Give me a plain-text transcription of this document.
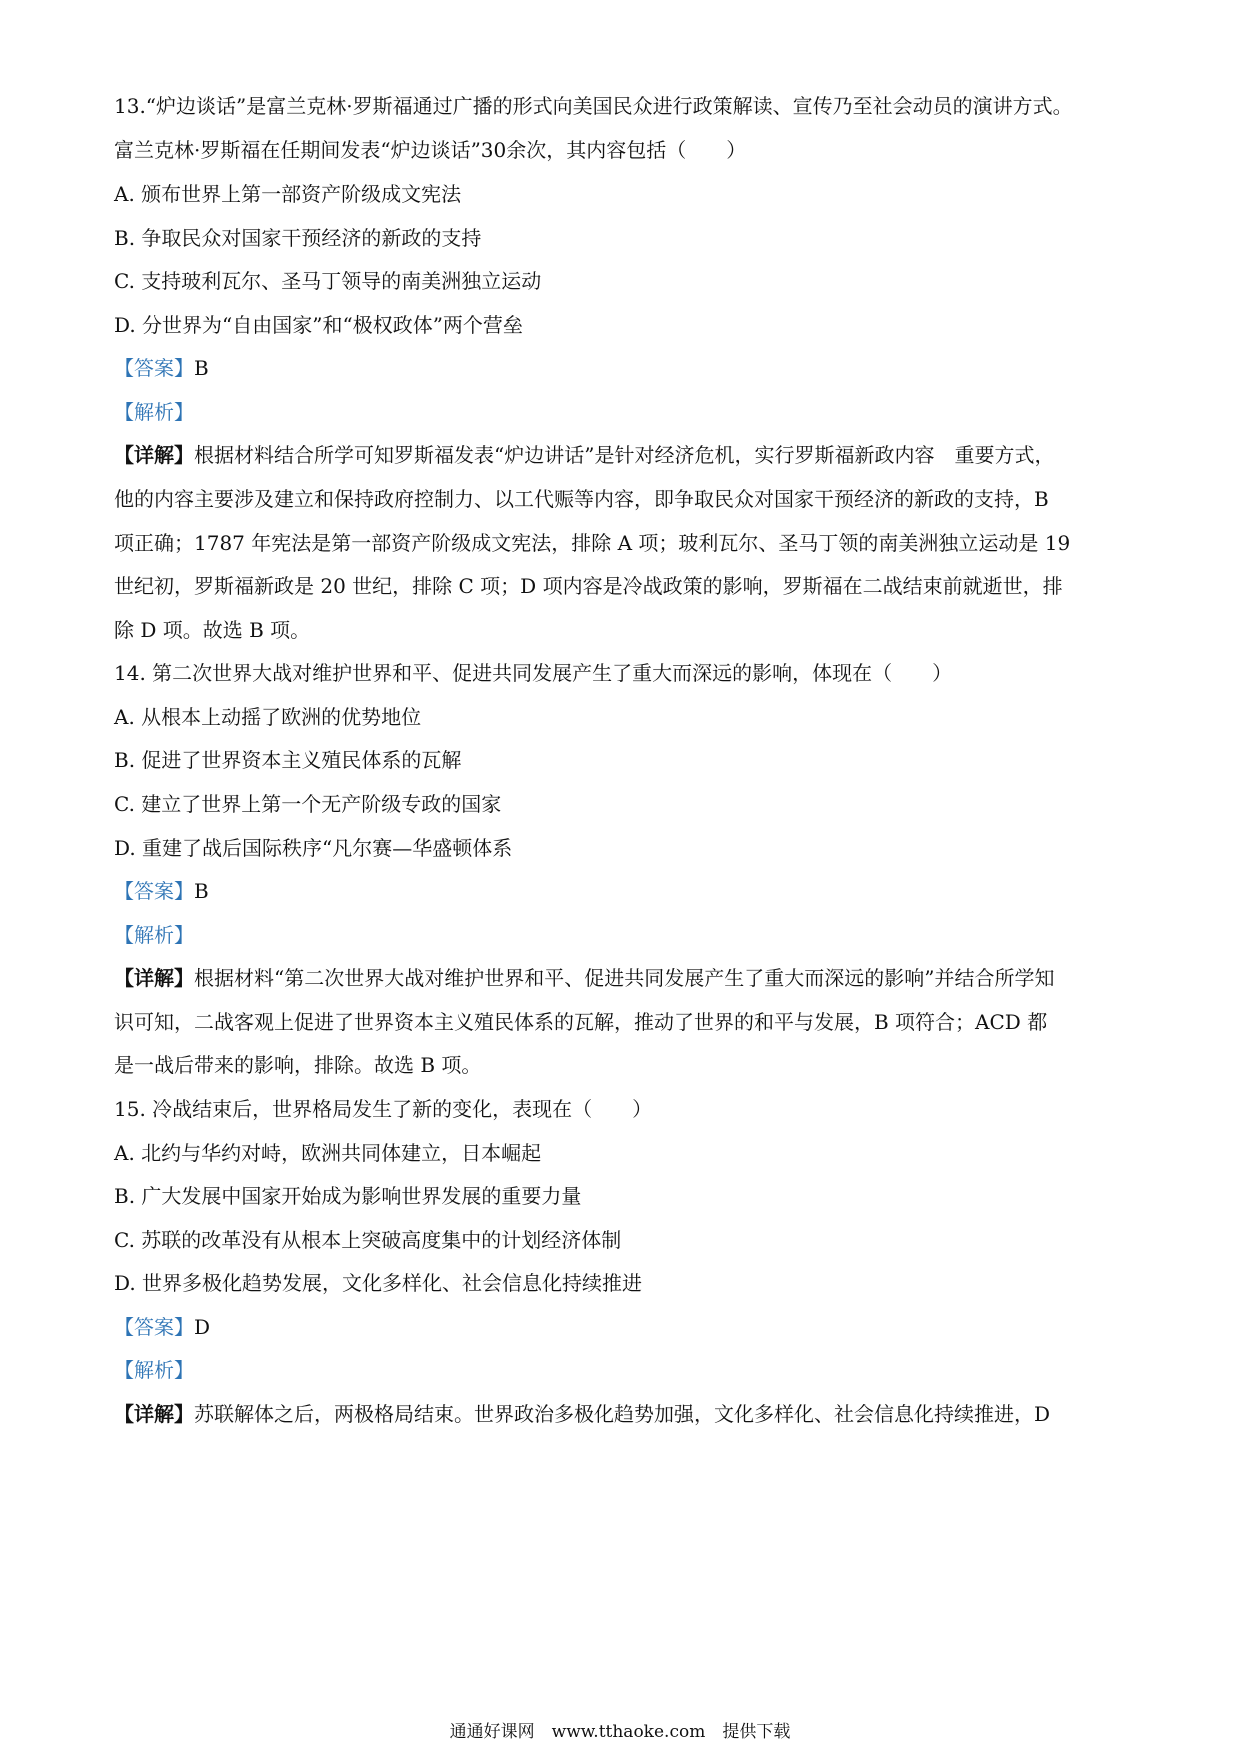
13.“炉边谈话”是富兰克林·罗斯福通过广播的形式向美国民众进行政策解读、宣传乃至社会动员的演讲方式。
富兰克林·罗斯福在任期间发表“炉边谈话”30余次，其内容包括（　　）
A. 颁布世界上第一部资产阶级成文宪法
B. 争取民众对国家干预经济的新政的支持
C. 支持玻利瓦尔、圣马丁领导的南美洲独立运动
D. 分世界为“自由国家”和“极权政体”两个营垒
【答案】B
【解析】
【详解】根据材料结合所学可知罗斯福发表“炉边讲话”是针对经济危机，实行罗斯福新政内容　重要方式，
他的内容主要涉及建立和保持政府控制力、以工代赈等内容，即争取民众对国家干预经济的新政的支持，B
项正确；1787 年宪法是第一部资产阶级成文宪法，排除 A 项；玻利瓦尔、圣马丁领的南美洲独立运动是 19
世纪初，罗斯福新政是 20 世纪，排除 C 项；D 项内容是冷战政策的影响，罗斯福在二战结束前就逝世，排
除 D 项。故选 B 项。
14. 第二次世界大战对维护世界和平、促进共同发展产生了重大而深远的影响，体现在（　　）
A. 从根本上动摇了欧洲的优势地位
B. 促进了世界资本主义殖民体系的瓦解
C. 建立了世界上第一个无产阶级专政的国家
D. 重建了战后国际秩序“凡尔赛—华盛顿体系
【答案】B
【解析】
【详解】根据材料“第二次世界大战对维护世界和平、促进共同发展产生了重大而深远的影响”并结合所学知
识可知，二战客观上促进了世界资本主义殖民体系的瓦解，推动了世界的和平与发展，B 项符合；ACD 都
是一战后带来的影响，排除。故选 B 项。
15. 冷战结束后，世界格局发生了新的变化，表现在（　　）
A. 北约与华约对峙，欧洲共同体建立，日本崛起
B. 广大发展中国家开始成为影响世界发展的重要力量
C. 苏联的改革没有从根本上突破高度集中的计划经济体制
D. 世界多极化趋势发展，文化多样化、社会信息化持续推进
【答案】D
【解析】
【详解】苏联解体之后，两极格局结束。世界政治多极化趋势加强，文化多样化、社会信息化持续推进，D
通通好课网　www.tthaoke.com　提供下载
